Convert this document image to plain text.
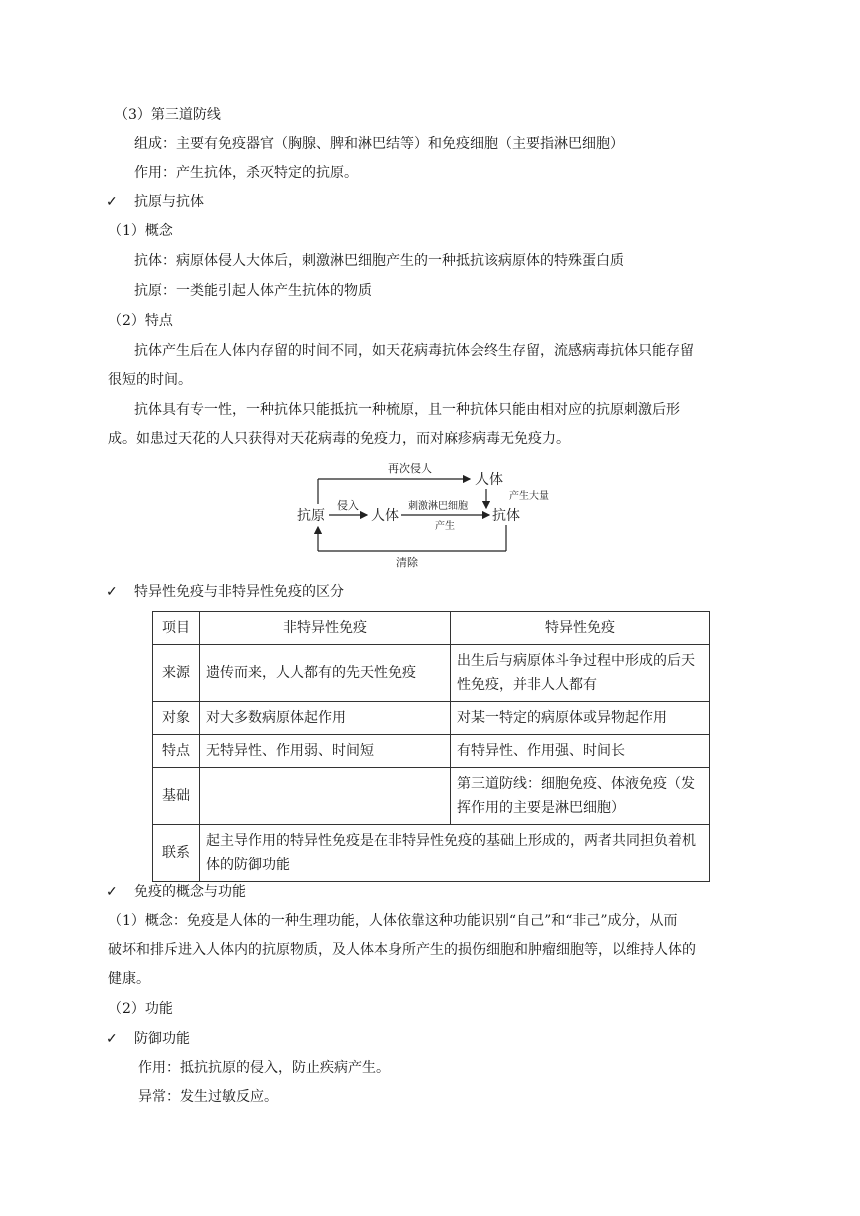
（3）第三道防线
组成：主要有免疫器官（胸腺、脾和淋巴结等）和免疫细胞（主要指淋巴细胞）
作用：产生抗体，杀灭特定的抗原。
✓ 抗原与抗体
（1）概念
抗体：病原体侵人大体后，刺激淋巴细胞产生的一种抵抗该病原体的特殊蛋白质
抗原：一类能引起人体产生抗体的物质
（2）特点
抗体产生后在人体内存留的时间不同，如天花病毒抗体会终生存留，流感病毒抗体只能存留
很短的时间。
抗体具有专一性，一种抗体只能抵抗一种梳原，且一种抗体只能由相对应的抗原刺激后形
成。如患过天花的人只获得对天花病毒的免疫力，而对麻疹病毒无免疫力。
再次侵人
人体
产生大量
抗原
侵入
人体
刺激淋巴细胞
产生
抗体
清除
✓ 特异性免疫与非特异性免疫的区分
项目	非特异性免疫	特异性免疫
来源	遗传而来，人人都有的先天性免疫	出生后与病原体斗争过程中形成的后天性免疫，并非人人都有
对象	对大多数病原体起作用	对某一特定的病原体或异物起作用
特点	无特异性、作用弱、时间短	有特异性、作用强、时间长
基础		第三道防线：细胞免疫、体液免疫（发挥作用的主要是淋巴细胞）
联系	起主导作用的特异性免疫是在非特异性免疫的基础上形成的，两者共同担负着机体的防御功能	
✓ 免疫的概念与功能
（1）概念：免疫是人体的一种生理功能，人体依靠这种功能识别“自己”和“非己”成分，从而
破坏和排斥进入人体内的抗原物质，及人体本身所产生的损伤细胞和肿瘤细胞等，以维持人体的
健康。
（2）功能
✓ 防御功能
作用：抵抗抗原的侵入，防止疾病产生。
异常：发生过敏反应。
